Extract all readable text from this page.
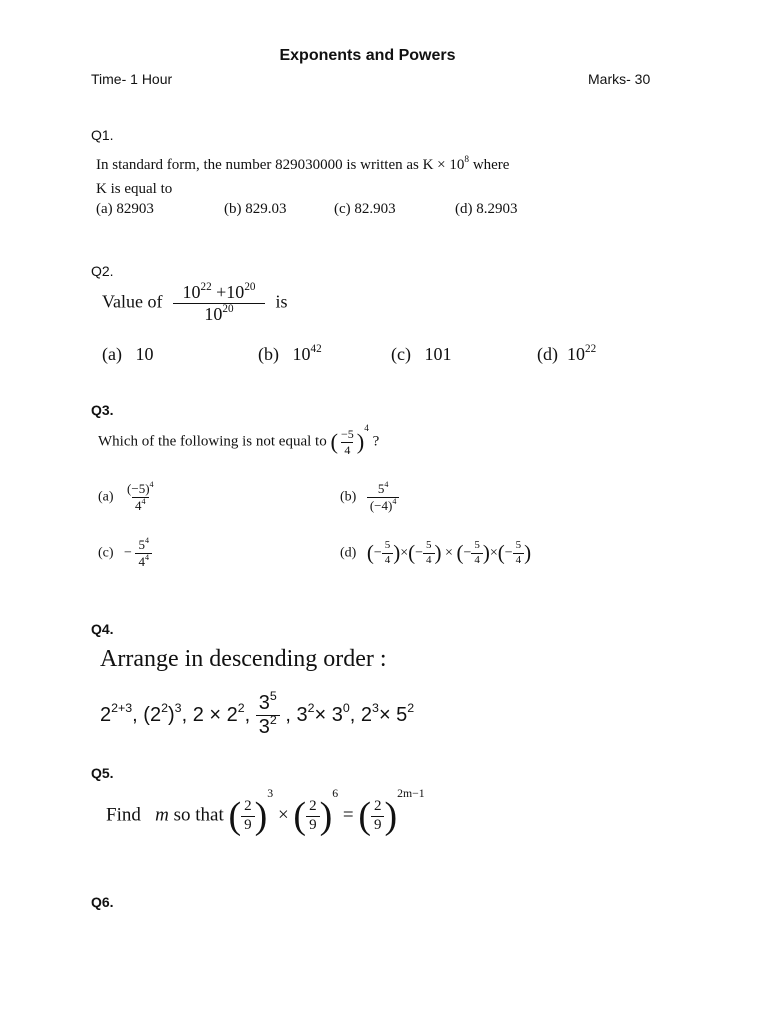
Exponents and Powers
Time- 1 Hour	Marks- 30
Q1.
In standard form, the number 829030000 is written as $K \times 10^8$ where
K is equal to
(a) 82903	(b) 829.03	(c) 82.903	(d) 8.2903
Q2.
Value of $\frac{10^{22} +10^{20}}{10^{20}}$ is
(a) 10	(b) $10^{42}$	(c) 101	(d) $10^{22}$
Q3.
Which of the following is not equal to ( $\frac{-5}{4} )^4$ ?
$(a) \frac{(-5)^4}{4^4}$	$(b) \frac{5^4}{(-4)^4}$
$(c) - \frac{5^4}{4^4}$	(d) (− $\frac{5}{4}$ )×(− $\frac{5}{4}$ ) × (− $\frac{5}{4}$ )×(− $\frac{5}{4}$ )
Q4.
Arrange in descending order :
$2^{2+3}$, $(2^2)^3$, $2 \times 2^2$, $\frac{3^5}{3^2}$ , $3^2\times 3^0$, $2^3\times 5^2$
Q5.
Find m so that ( $\frac{2}{9} )^3$ × ( $\frac{2}{9} )^6$ = ( $\frac{2}{9} )^{2m-1}$
Q6.
